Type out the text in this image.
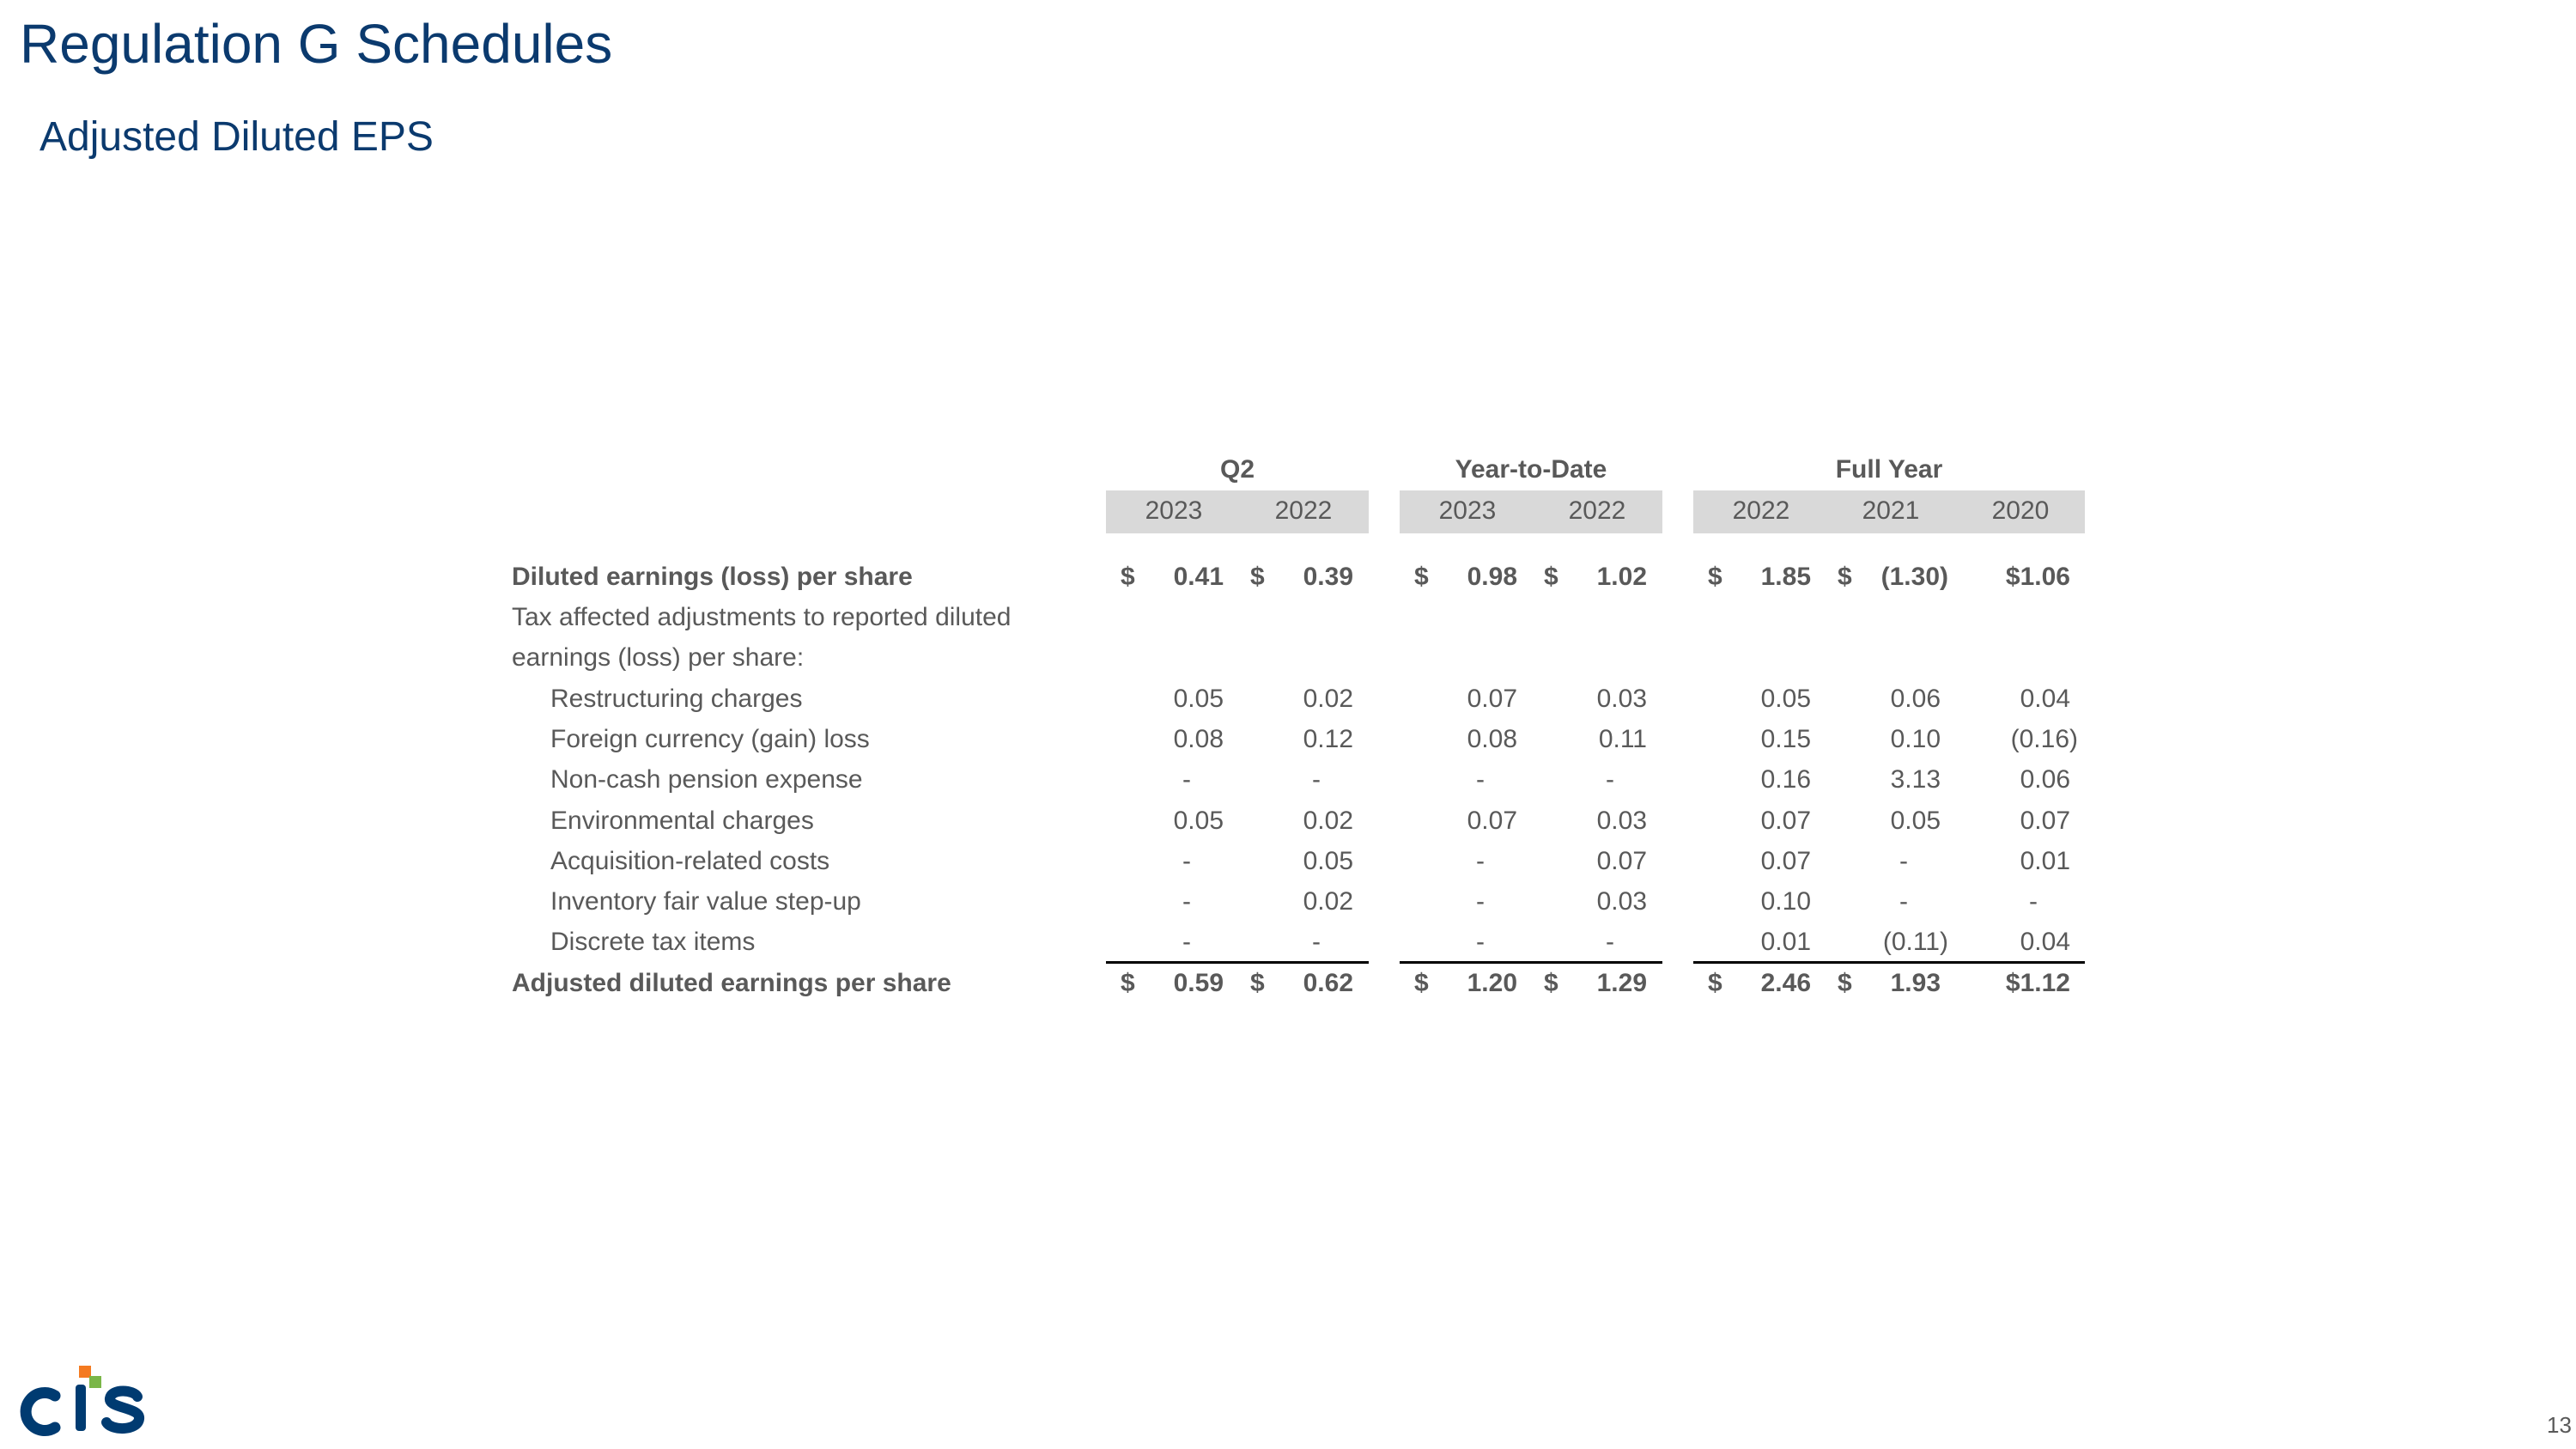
Regulation G Schedules
Adjusted Diluted EPS
Q2	Year-to-Date	Full Year
2023	2022	2023	2022	2022	2021	2020
Diluted earnings (loss) per share	$ 0.41 $ 0.39 $ 0.98 $ 1.02 $ 1.85 $ (1.30) $1.06
Tax affected adjustments to reported diluted
earnings (loss) per share:
Restructuring charges	0.05	0.02	0.07	0.03	0.05	0.06	0.04
Foreign currency (gain) loss	0.08	0.12	0.08	0.11	0.15	0.10	(0.16)
Non-cash pension expense	-	-	-	-	0.16	3.13	0.06
Environmental charges	0.05	0.02	0.07	0.03	0.07	0.05	0.07
Acquisition-related costs	-	0.05	-	0.07	0.07	-	0.01
Inventory fair value step-up	-	0.02	-	0.03	0.10	-	-
Discrete tax items	-	-	-	-	0.01	(0.11)	0.04
Adjusted diluted earnings per share	$ 0.59 $ 0.62 $ 1.20 $ 1.29 $ 2.46 $ 1.93	$1.12
13
